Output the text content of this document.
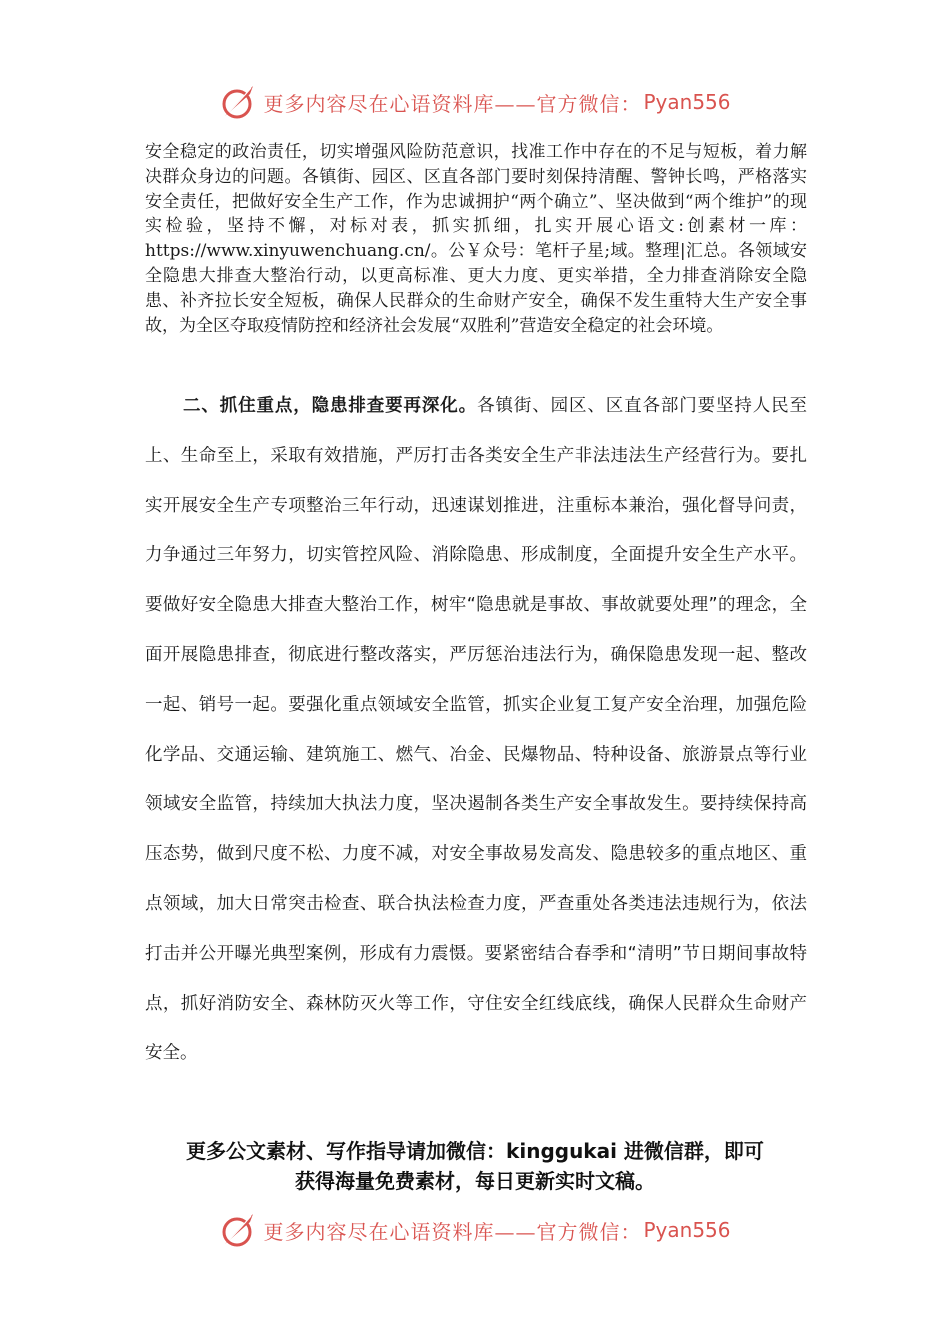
更多内容尽在心语资料库——官方微信： Pyan556

安全稳定的政治责任，切实增强风险防范意识，找准工作中存在的不足与短板，着力解决群众身边的问题。各镇街、园区、区直各部门要时刻保持清醒、警钟长鸣，严格落实安全责任，把做好安全生产工作，作为忠诚拥护“两个确立”、坚决做到“两个维护”的现实检验，坚持不懈，对标对表，抓实抓细，扎实开展心语文:创素材一库：https://www.xinyuwenchuang.cn/。公￥众号：笔杆子星;域。整理|汇总。各领域安全隐患大排查大整治行动，以更高标准、更大力度、更实举措，全力排查消除安全隐患、补齐拉长安全短板，确保人民群众的生命财产安全，确保不发生重特大生产安全事故，为全区夺取疫情防控和经济社会发展“双胜利”营造安全稳定的社会环境。

二、抓住重点，隐患排查要再深化。各镇街、园区、区直各部门要坚持人民至上、生命至上，采取有效措施，严厉打击各类安全生产非法违法生产经营行为。要扎实开展安全生产专项整治三年行动，迅速谋划推进，注重标本兼治，强化督导问责，力争通过三年努力，切实管控风险、消除隐患、形成制度，全面提升安全生产水平。要做好安全隐患大排查大整治工作，树牢“隐患就是事故、事故就要处理”的理念，全面开展隐患排查，彻底进行整改落实，严厉惩治违法行为，确保隐患发现一起、整改一起、销号一起。要强化重点领域安全监管，抓实企业复工复产安全治理，加强危险化学品、交通运输、建筑施工、燃气、冶金、民爆物品、特种设备、旅游景点等行业领域安全监管，持续加大执法力度，坚决遏制各类生产安全事故发生。要持续保持高压态势，做到尺度不松、力度不减，对安全事故易发高发、隐患较多的重点地区、重点领域，加大日常突击检查、联合执法检查力度，严查重处各类违法违规行为，依法打击并公开曝光典型案例，形成有力震慑。要紧密结合春季和“清明”节日期间事故特点，抓好消防安全、森林防灭火等工作，守住安全红线底线，确保人民群众生命财产安全。

更多公文素材、写作指导请加微信：kinggukai 进微信群，即可
获得海量免费素材，每日更新实时文稿。
更多内容尽在心语资料库——官方微信： Pyan556
